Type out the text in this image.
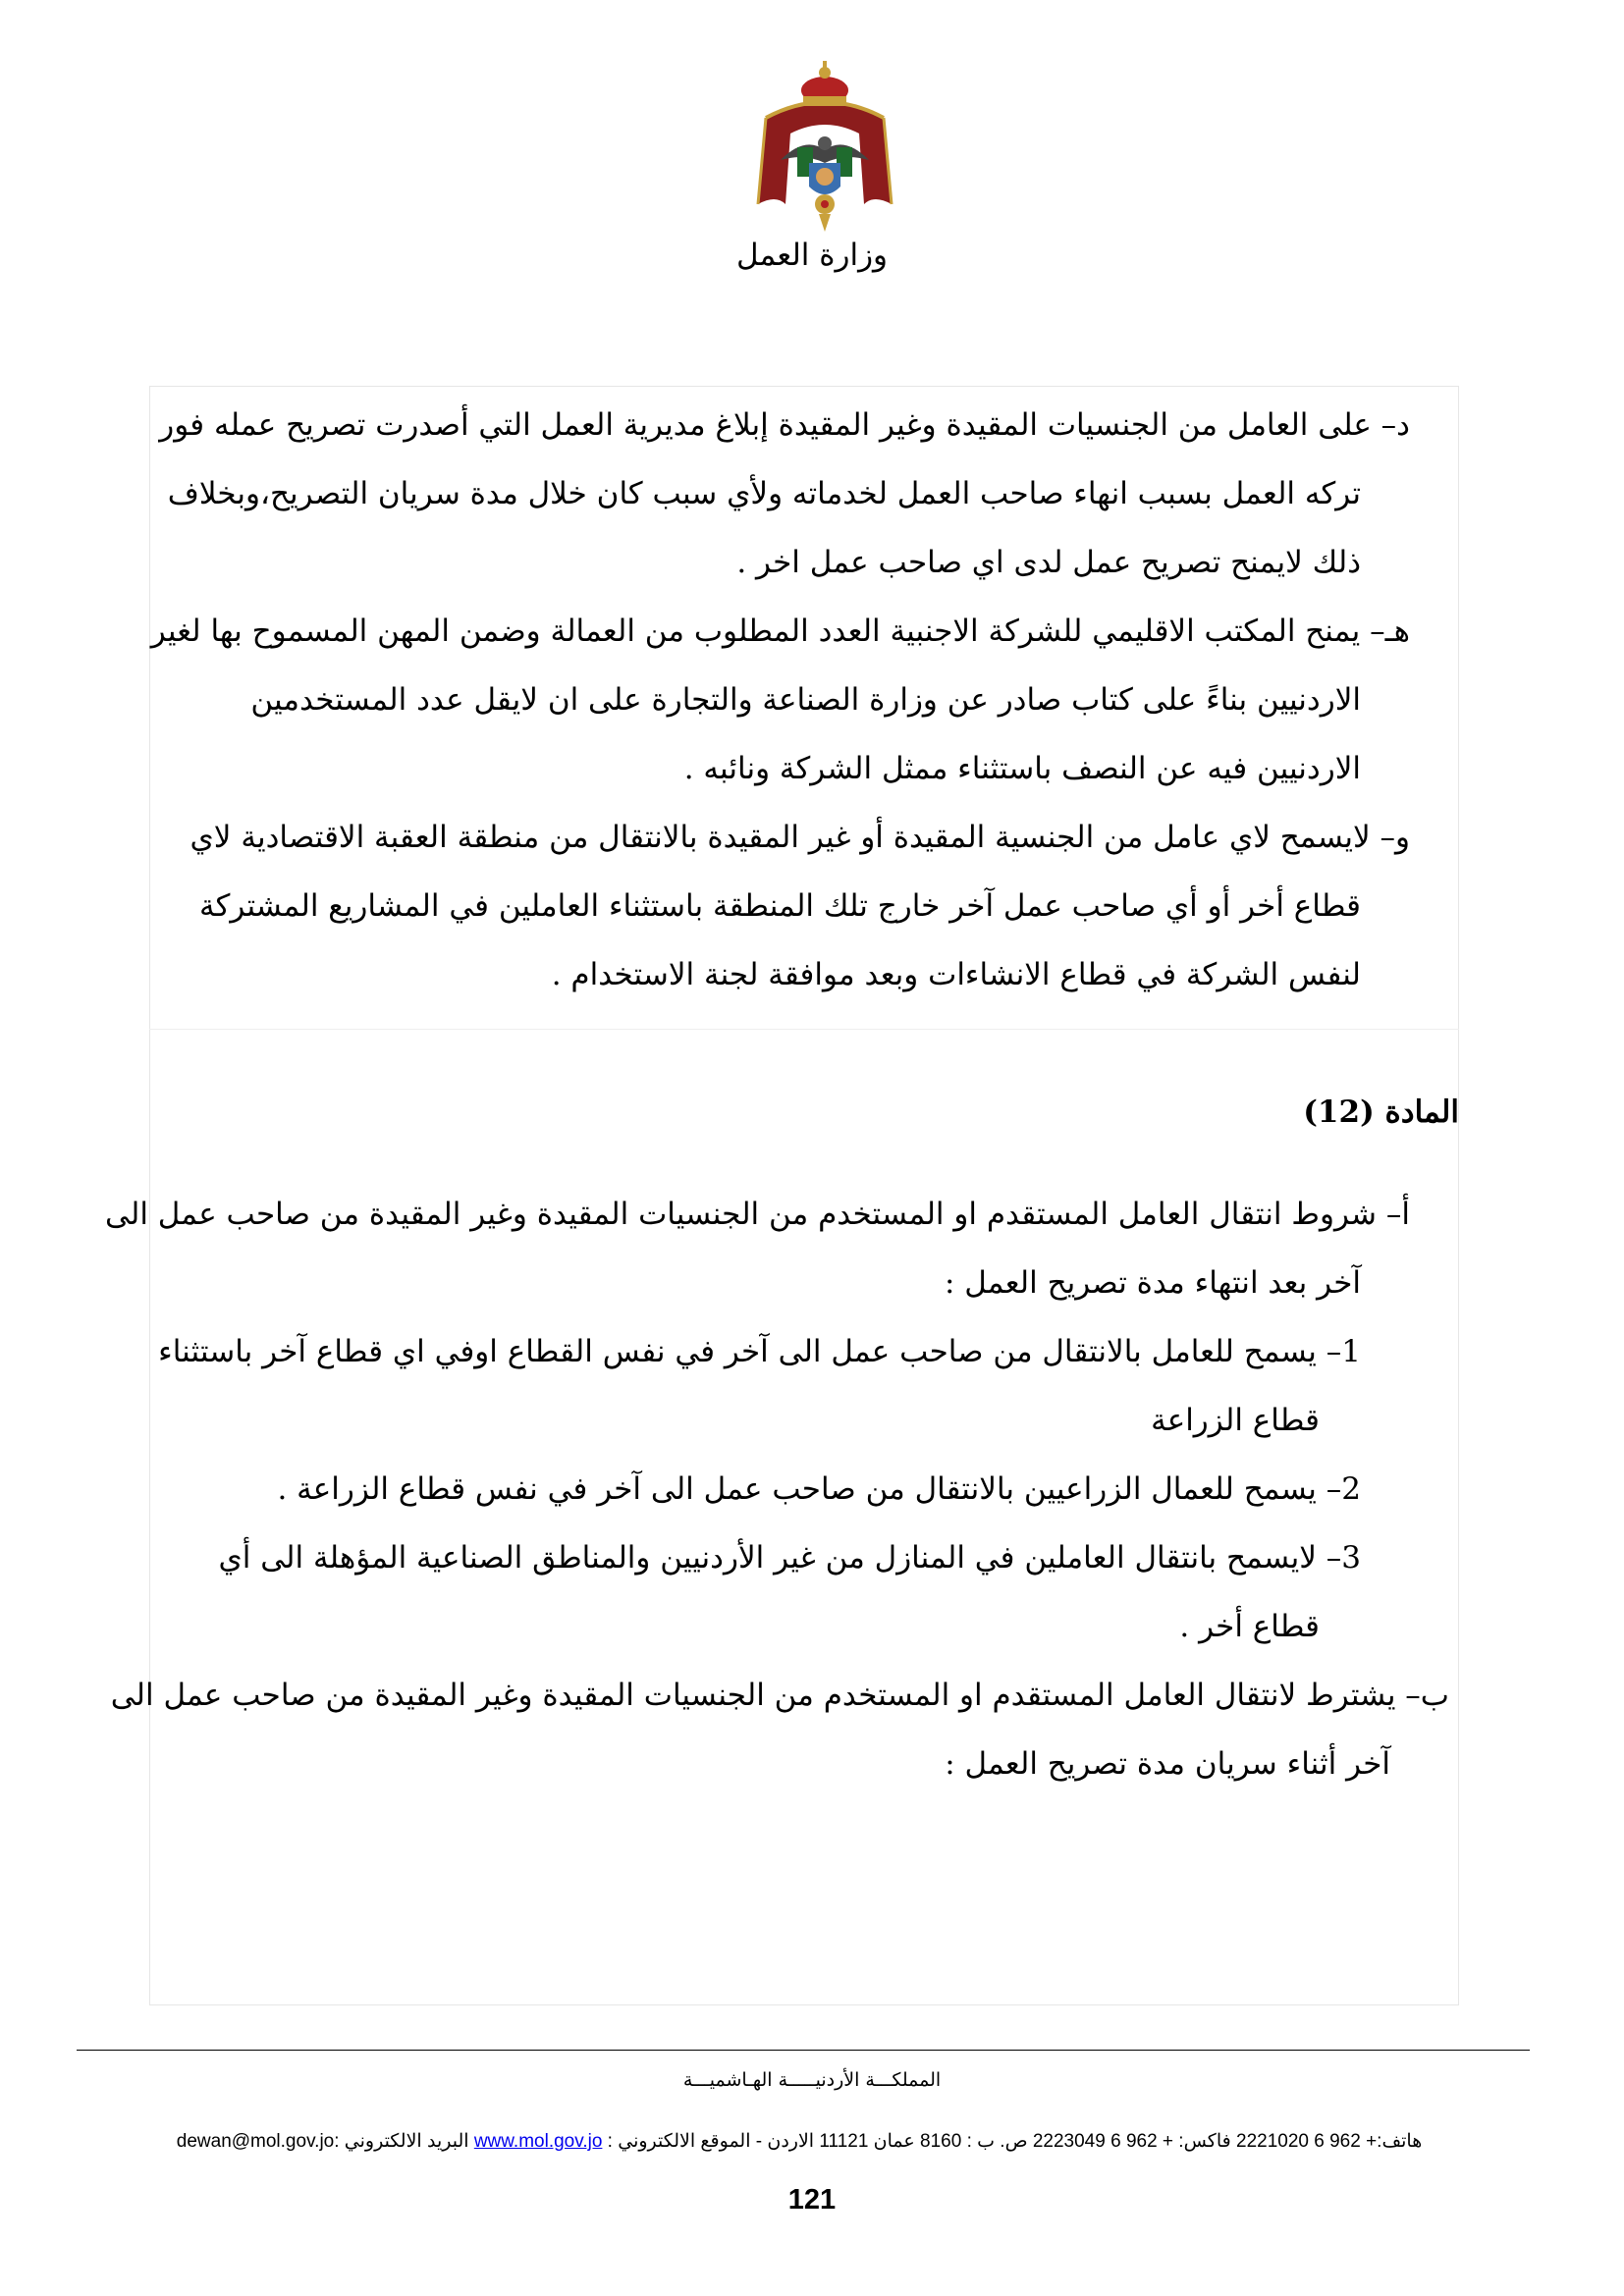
وزارة العمل
د– على العامل من الجنسيات المقيدة وغير المقيدة إبلاغ مديرية العمل التي أصدرت تصريح عمله فور
تركه العمل بسبب انهاء صاحب العمل لخدماته ولأي سبب كان خلال مدة سريان التصريح،وبخلاف
ذلك لايمنح تصريح عمل لدى اي صاحب عمل اخر .
هـ– يمنح المكتب الاقليمي للشركة الاجنبية العدد المطلوب من العمالة وضمن المهن المسموح بها لغير
الاردنيين بناءً على كتاب صادر عن وزارة الصناعة والتجارة على ان لايقل عدد المستخدمين
الاردنيين فيه عن النصف باستثناء ممثل الشركة ونائبه .
و– لايسمح لاي عامل من الجنسية المقيدة أو غير المقيدة بالانتقال من منطقة العقبة الاقتصادية لاي
قطاع أخر أو أي صاحب عمل آخر خارج تلك المنطقة باستثناء العاملين في المشاريع المشتركة
لنفس الشركة في قطاع الانشاءات وبعد موافقة لجنة الاستخدام .
المادة (12)
أ– شروط انتقال العامل المستقدم او المستخدم من الجنسيات المقيدة وغير المقيدة من صاحب عمل الى
آخر بعد انتهاء مدة تصريح العمل :
1– يسمح للعامل بالانتقال من صاحب عمل الى آخر في نفس القطاع اوفي اي قطاع آخر باستثناء
قطاع الزراعة
2– يسمح للعمال الزراعيين بالانتقال من صاحب عمل الى آخر في نفس قطاع الزراعة .
3– لايسمح بانتقال العاملين في المنازل من غير الأردنيين والمناطق الصناعية المؤهلة الى أي
قطاع أخر .
ب– يشترط لانتقال العامل المستقدم او المستخدم من الجنسيات المقيدة وغير المقيدة من صاحب عمل الى
آخر أثناء سريان مدة تصريح العمل :
المملكـــة الأردنيـــــة الهـاشميـــة
هاتف:+ 962 6 2221020 فاكس: + 962 6 2223049 ص. ب : 8160 عمان 11121 الاردن - الموقع الالكتروني : www.mol.gov.jo البريد الالكتروني :dewan@mol.gov.jo
121
